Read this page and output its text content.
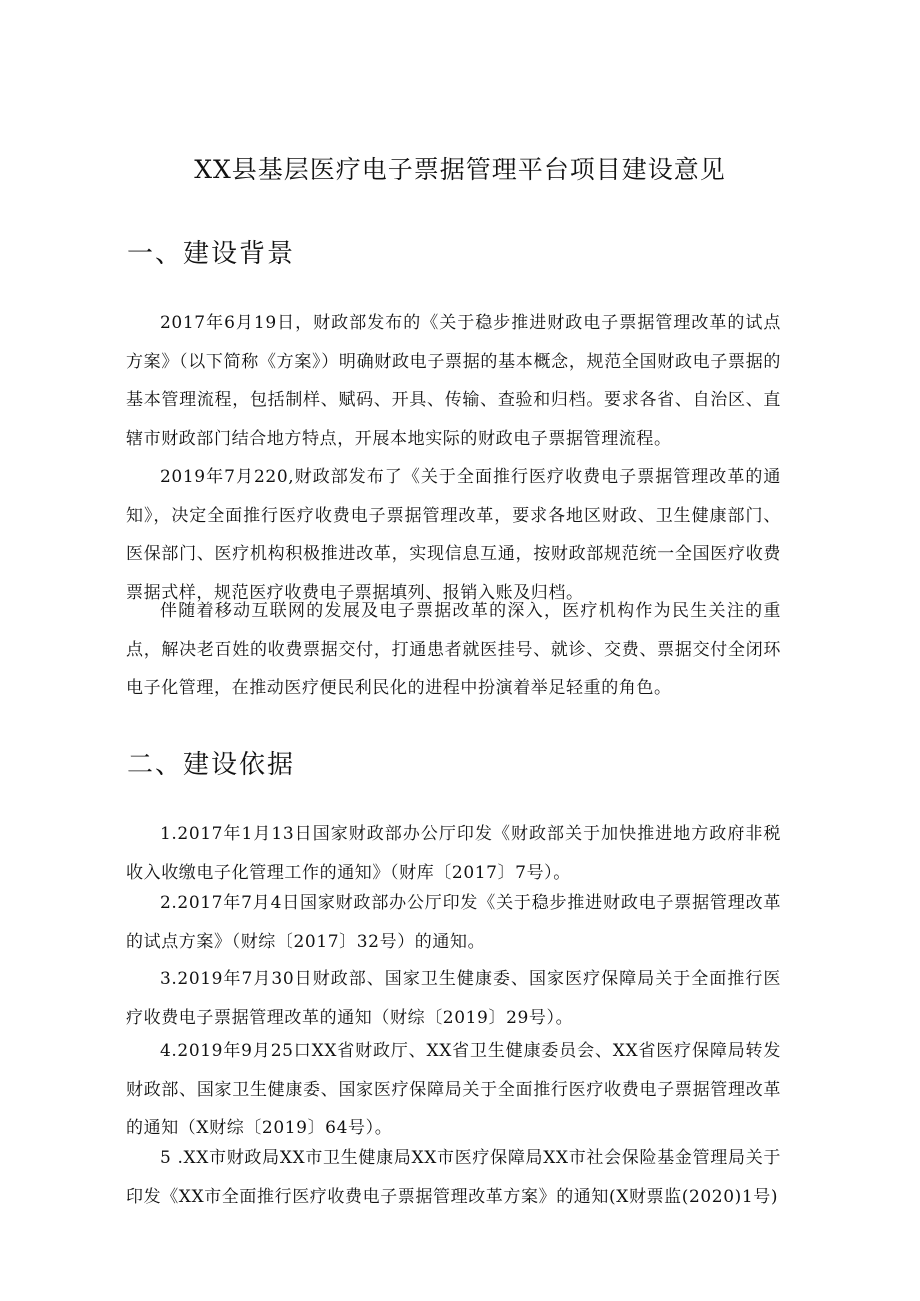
XX县基层医疗电子票据管理平台项目建设意见
一、建设背景

2017年6月19日，财政部发布的《关于稳步推进财政电子票据管理改革的试点方案》（以下简称《方案》）明确财政电子票据的基本概念，规范全国财政电子票据的基本管理流程，包括制样、赋码、开具、传输、查验和归档。要求各省、自治区、直辖市财政部门结合地方特点，开展本地实际的财政电子票据管理流程。

2019年7月220,财政部发布了《关于全面推行医疗收费电子票据管理改革的通知》，决定全面推行医疗收费电子票据管理改革，要求各地区财政、卫生健康部门、医保部门、医疗机构积极推进改革，实现信息互通，按财政部规范统一全国医疗收费票据式样，规范医疗收费电子票据填列、报销入账及归档。

伴随着移动互联网的发展及电子票据改革的深入，医疗机构作为民生关注的重点，解决老百姓的收费票据交付，打通患者就医挂号、就诊、交费、票据交付全闭环电子化管理，在推动医疗便民利民化的进程中扮演着举足轻重的角色。

二、建设依据

1.2017年1月13日国家财政部办公厅印发《财政部关于加快推进地方政府非税收入收缴电子化管理工作的通知》（财库〔2017〕7号）。

2.2017年7月4日国家财政部办公厅印发《关于稳步推进财政电子票据管理改革的试点方案》（财综〔2017〕32号）的通知。

3.2019年7月30日财政部、国家卫生健康委、国家医疗保障局关于全面推行医疗收费电子票据管理改革的通知（财综〔2019〕29号）。

4.2019年9月25口XX省财政厅、XX省卫生健康委员会、XX省医疗保障局转发财政部、国家卫生健康委、国家医疗保障局关于全面推行医疗收费电子票据管理改革的通知（X财综〔2019〕64号）。

5 .XX市财政局XX市卫生健康局XX市医疗保障局XX市社会保险基金管理局关于印发《XX市全面推行医疗收费电子票据管理改革方案》的通知(X财票监(2020)1号)
